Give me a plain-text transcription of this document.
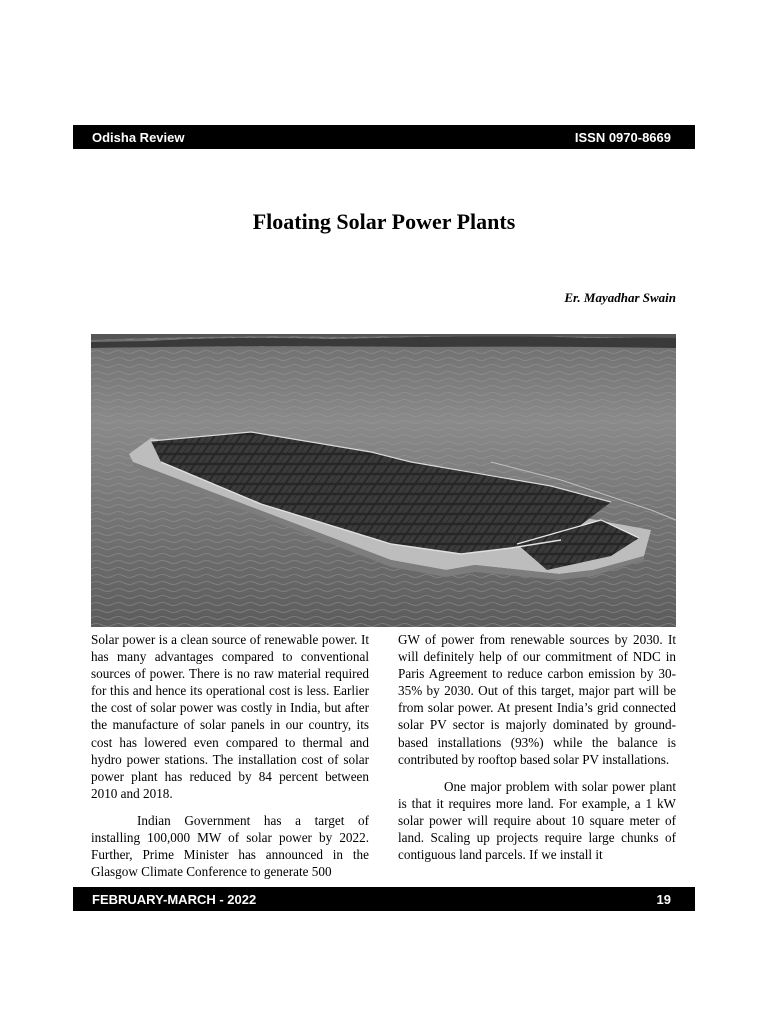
Odisha Review	ISSN 0970-8669
Floating Solar Power Plants
Er. Mayadhar Swain

Solar power is a clean source of renewable power. It has many advantages compared to conventional sources of power. There is no raw material required for this and hence its operational cost is less. Earlier the cost of solar power was costly in India, but after the manufacture of solar panels in our country, its cost has lowered even compared to thermal and hydro power stations. The installation cost of solar power plant has reduced by 84 percent between 2010 and 2018.

Indian Government has a target of installing 100,000 MW of solar power by 2022. Further, Prime Minister has announced in the Glasgow Climate Conference to generate 500

GW of power from renewable sources by 2030. It will definitely help of our commitment of NDC in Paris Agreement to reduce carbon emission by 30-35% by 2030. Out of this target, major part will be from solar power. At present India’s grid connected solar PV sector is majorly dominated by ground-based installations (93%) while the balance is contributed by rooftop based solar PV installations.

One major problem with solar power plant is that it requires more land. For example, a 1 kW solar power will require about 10 square meter of land. Scaling up projects require large chunks of contiguous land parcels. If we install it

FEBRUARY-MARCH - 2022	19
